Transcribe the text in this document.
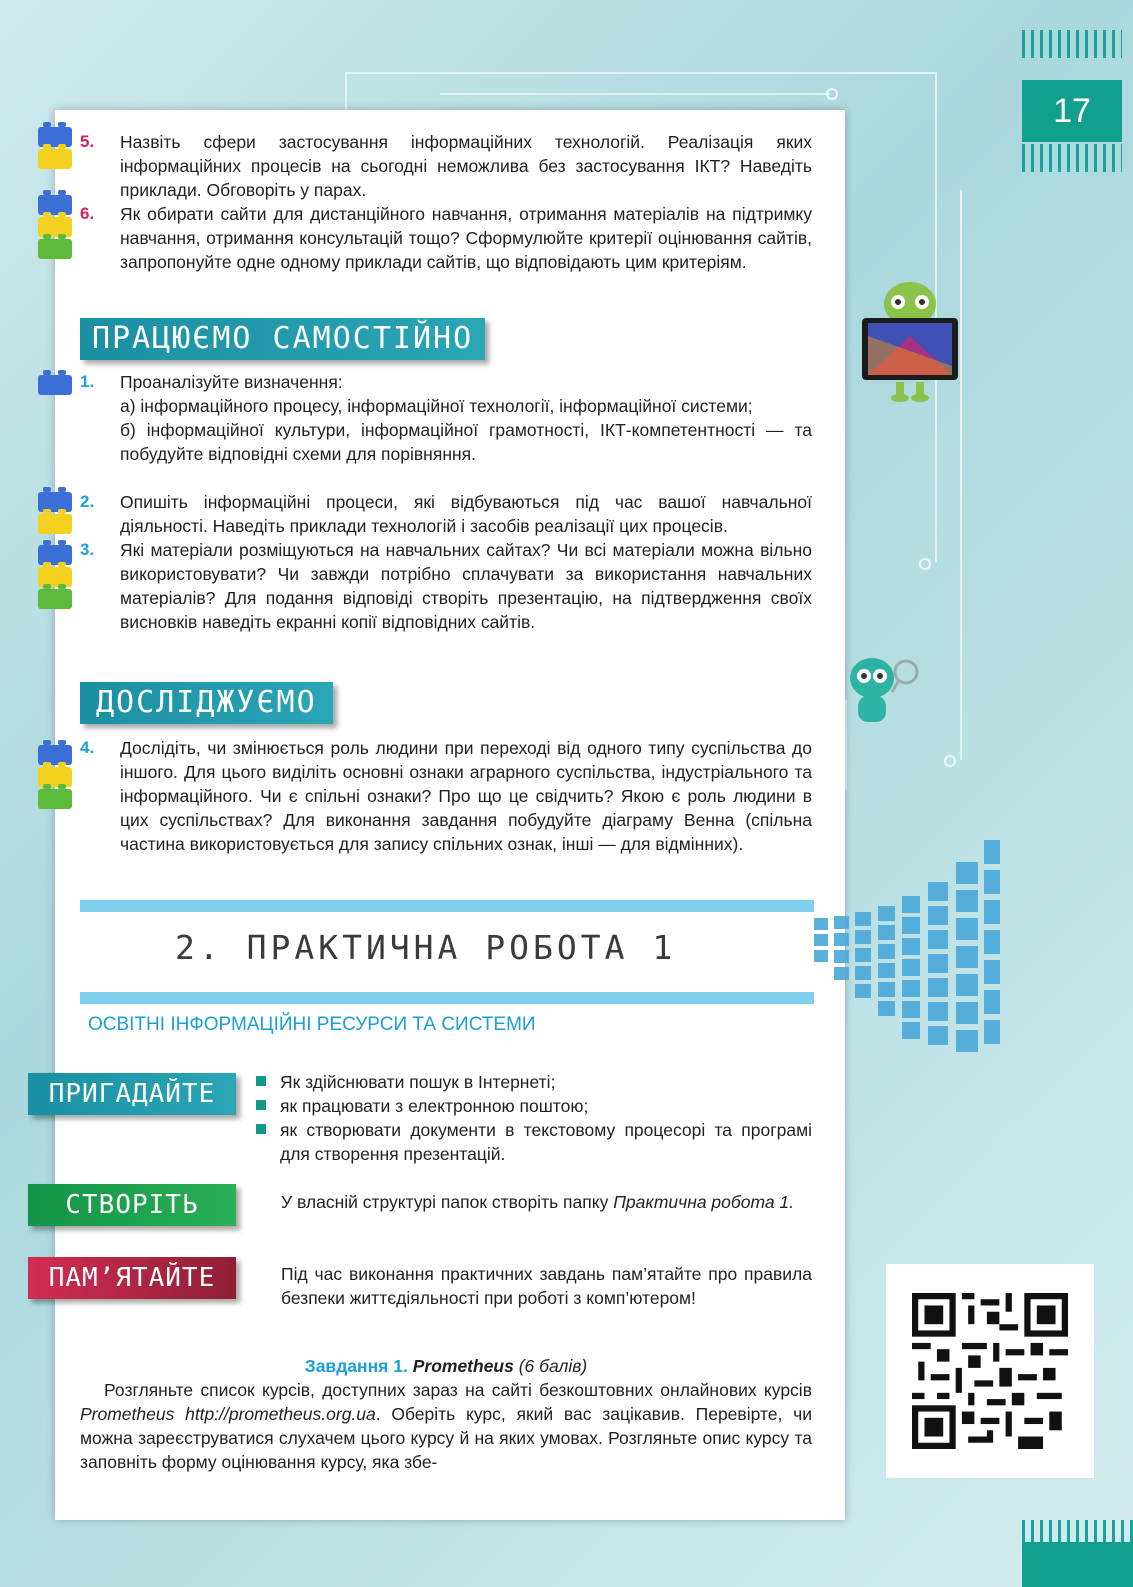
17
5. Назвіть сфери застосування інформаційних технологій. Реалізація яких інформаційних процесів на сьогодні неможлива без застосування ІКТ? Наведіть приклади. Обговоріть у парах.
6. Як обирати сайти для дистанційного навчання, отримання матеріалів на підтримку навчання, отримання консультацій тощо? Сформулюйте критерії оцінювання сайтів, запропонуйте одне одному приклади сайтів, що відповідають цим критеріям.
ПРАЦЮЄМО САМОСТІЙНО
1. Проаналізуйте визначення:
а) інформаційного процесу, інформаційної технології, інформаційної системи;
б) інформаційної культури, інформаційної грамотності, ІКТ-компетентності — та побудуйте відповідні схеми для порівняння.
2. Опишіть інформаційні процеси, які відбуваються під час вашої навчальної діяльності. Наведіть приклади технологій і засобів реалізації цих процесів.
3. Які матеріали розміщуються на навчальних сайтах? Чи всі матеріали можна вільно використовувати? Чи завжди потрібно сплачувати за використання навчальних матеріалів? Для подання відповіді створіть презентацію, на підтвердження своїх висновків наведіть екранні копії відповідних сайтів.
ДОСЛІДЖУЄМО
4. Дослідіть, чи змінюється роль людини при переході від одного типу суспільства до іншого. Для цього виділіть основні ознаки аграрного суспільства, індустріального та інформаційного. Чи є спільні ознаки? Про що це свідчить? Якою є роль людини в цих суспільствах? Для виконання завдання побудуйте діаграму Венна (спільна частина використовується для запису спільних ознак, інші — для відмінних).
2. ПРАКТИЧНА РОБОТА 1
ОСВІТНІ ІНФОРМАЦІЙНІ РЕСУРСИ ТА СИСТЕМИ
ПРИГАДАЙТЕ	Як здійснювати пошук в Інтернеті;
як працювати з електронною поштою;
як створювати документи в текстовому процесорі та програмі для створення презентацій.
СТВОРІТЬ	У власній структурі папок створіть папку Практична робота 1.
ПАМ’ЯТАЙТЕ	Під час виконання практичних завдань пам’ятайте про правила безпеки життєдіяльності при роботі з комп’ютером!
Завдання 1. Prometheus (6 балів)
Розгляньте список курсів, доступних зараз на сайті безкоштовних онлайнових курсів Prometheus http://prometheus.org.ua. Оберіть курс, який вас зацікавив. Перевірте, чи можна зареєструватися слухачем цього курсу й на яких умовах. Розгляньте опис курсу та заповніть форму оцінювання курсу, яка збе-
